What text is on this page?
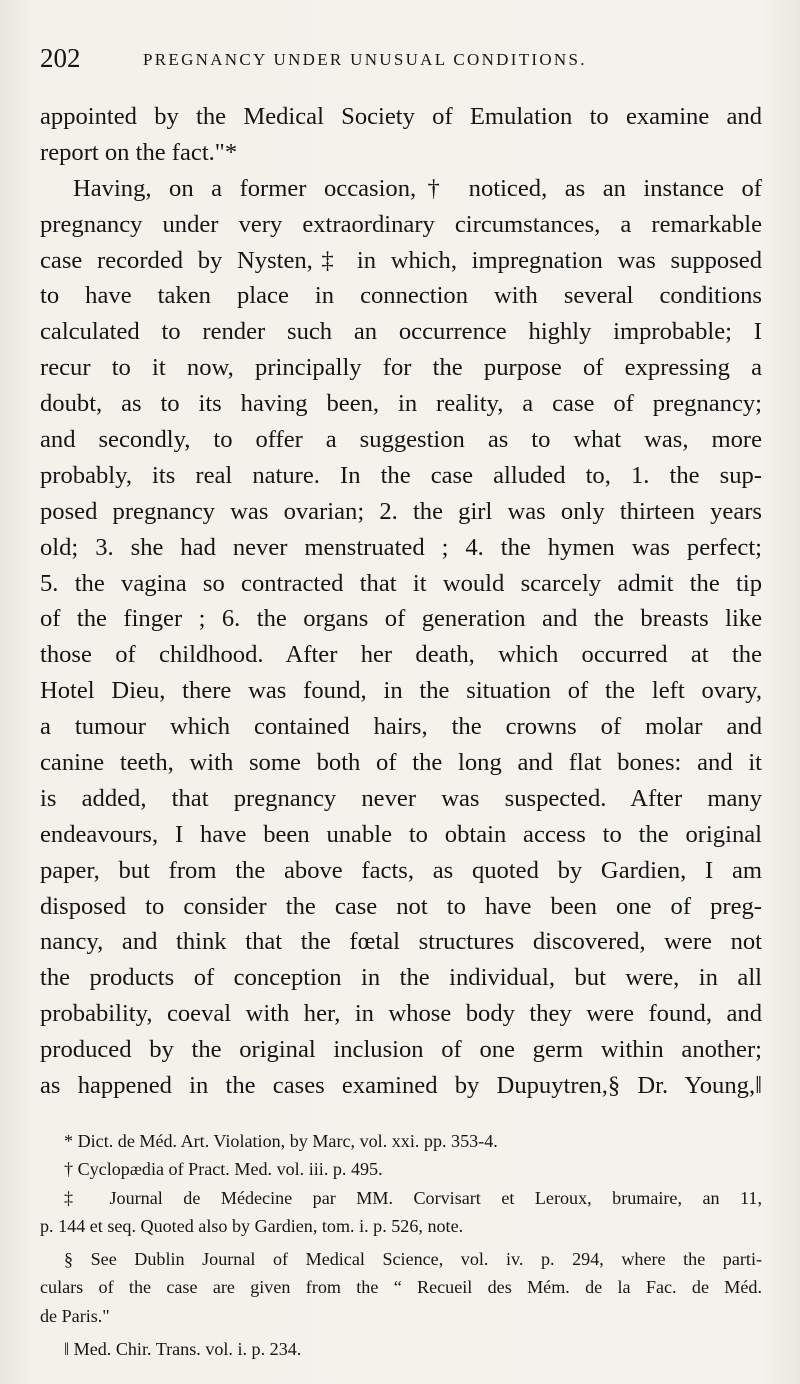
202	PREGNANCY UNDER UNUSUAL CONDITIONS.
appointed by the Medical Society of Emulation to examine and
report on the fact."*
Having, on a former occasion,† noticed, as an instance of
pregnancy under very extraordinary circumstances, a remarkable
case recorded by Nysten,‡ in which, impregnation was supposed
to have taken place in connection with several conditions
calculated to render such an occurrence highly improbable; I
recur to it now, principally for the purpose of expressing a
doubt, as to its having been, in reality, a case of pregnancy;
and secondly, to offer a suggestion as to what was, more
probably, its real nature. In the case alluded to, 1. the sup-
posed pregnancy was ovarian; 2. the girl was only thirteen years
old; 3. she had never menstruated ; 4. the hymen was perfect;
5. the vagina so contracted that it would scarcely admit the tip
of the finger ; 6. the organs of generation and the breasts like
those of childhood. After her death, which occurred at the
Hotel Dieu, there was found, in the situation of the left ovary,
a tumour which contained hairs, the crowns of molar and
canine teeth, with some both of the long and flat bones: and it
is added, that pregnancy never was suspected. After many
endeavours, I have been unable to obtain access to the original
paper, but from the above facts, as quoted by Gardien, I am
disposed to consider the case not to have been one of preg-
nancy, and think that the fœtal structures discovered, were not
the products of conception in the individual, but were, in all
probability, coeval with her, in whose body they were found, and
produced by the original inclusion of one germ within another;
as happened in the cases examined by Dupuytren,§ Dr. Young,‖
* Dict. de Méd. Art. Violation, by Marc, vol. xxi. pp. 353-4.
† Cyclopædia of Pract. Med. vol. iii. p. 495.
‡ Journal de Médecine par MM. Corvisart et Leroux, brumaire, an 11,
p. 144 et seq. Quoted also by Gardien, tom. i. p. 526, note.
§ See Dublin Journal of Medical Science, vol. iv. p. 294, where the parti-
culars of the case are given from the “ Recueil des Mém. de la Fac. de Méd.
de Paris."
‖ Med. Chir. Trans. vol. i. p. 234.
